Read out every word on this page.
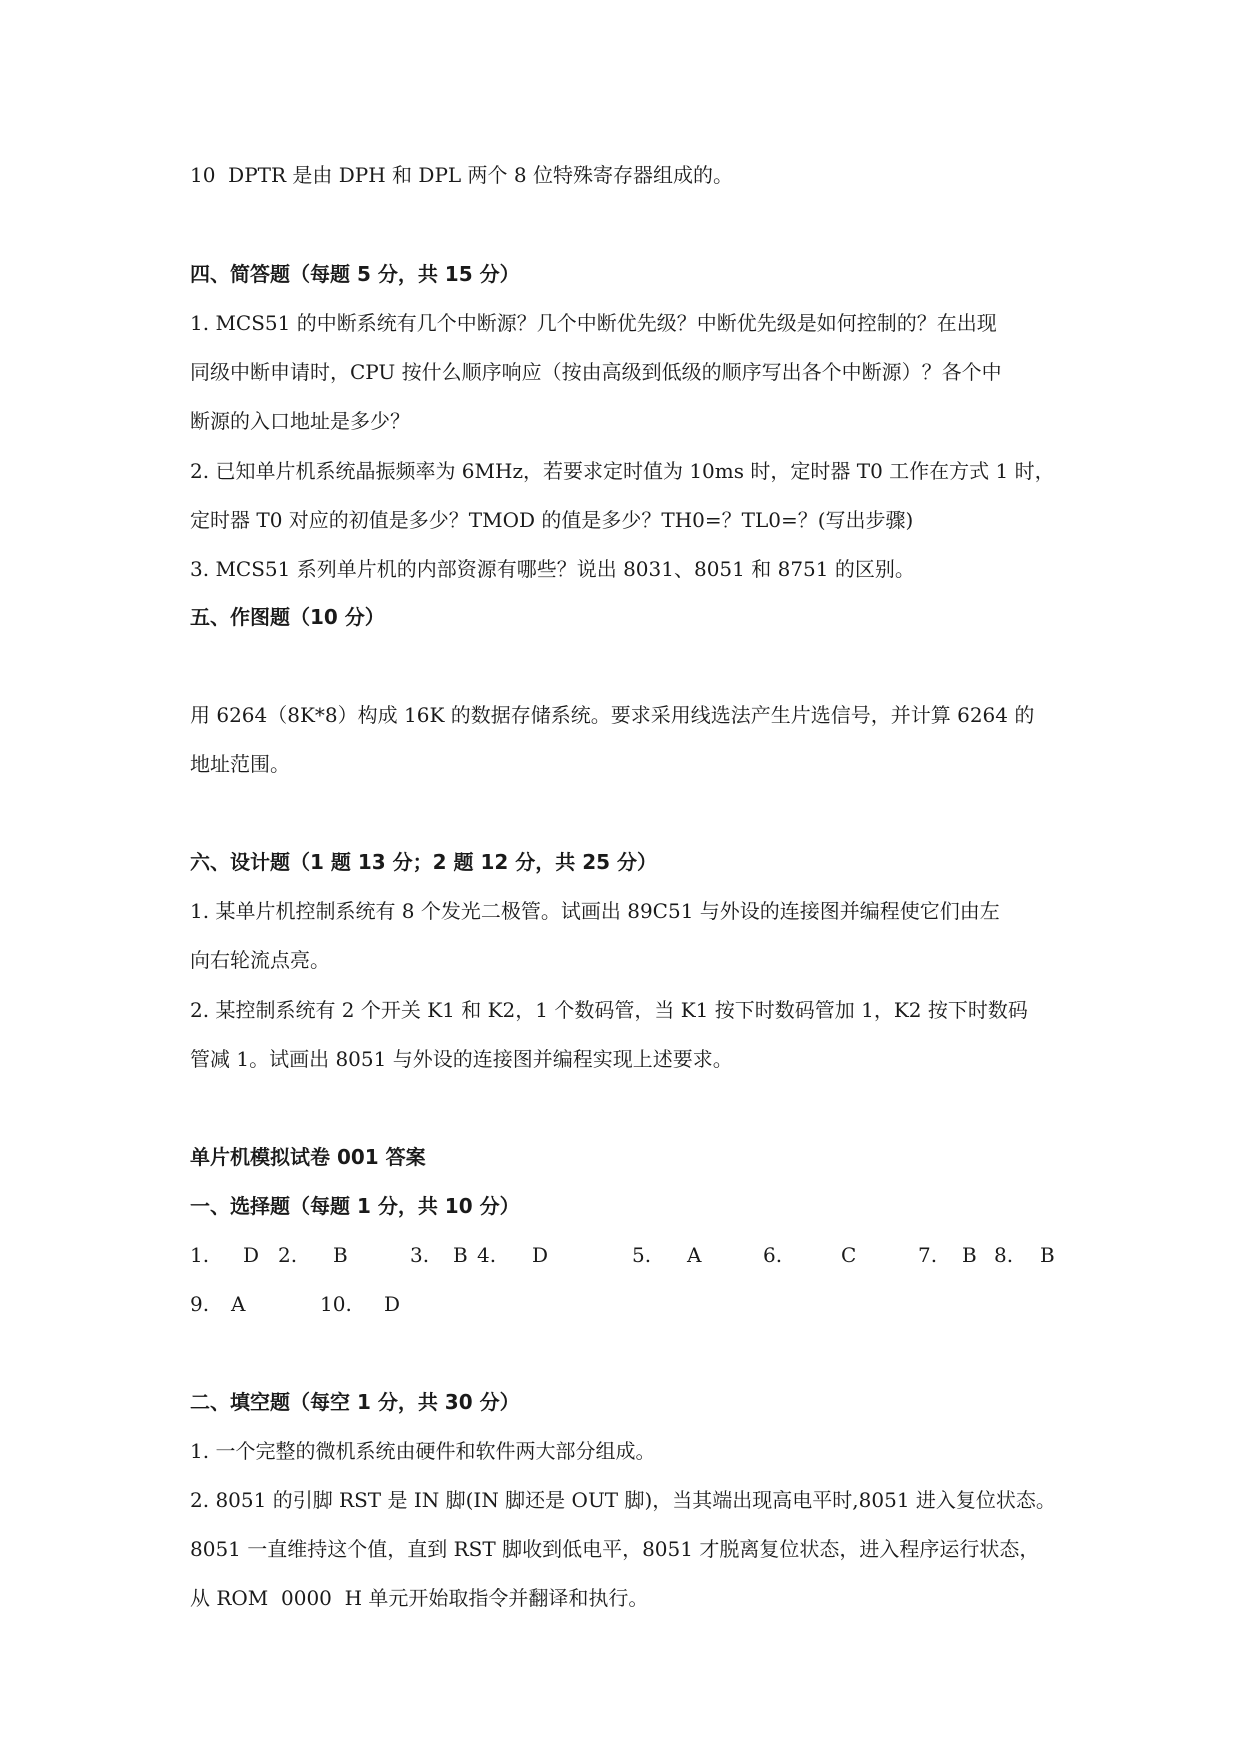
10  DPTR 是由 DPH 和 DPL 两个 8 位特殊寄存器组成的。
四、简答题（每题 5 分，共 15 分）
1. MCS51 的中断系统有几个中断源？几个中断优先级？中断优先级是如何控制的？在出现
同级中断申请时，CPU 按什么顺序响应（按由高级到低级的顺序写出各个中断源）？各个中
断源的入口地址是多少？
2. 已知单片机系统晶振频率为 6MHz，若要求定时值为 10ms 时，定时器 T0 工作在方式 1 时，
定时器 T0 对应的初值是多少？TMOD 的值是多少？TH0=？TL0=？(写出步骤)
3. MCS51 系列单片机的内部资源有哪些？说出 8031、8051 和 8751 的区别。
五、作图题（10 分）
用 6264（8K*8）构成 16K 的数据存储系统。要求采用线选法产生片选信号，并计算 6264 的
地址范围。
六、设计题（1 题 13 分；2 题 12 分，共 25 分）
1. 某单片机控制系统有 8 个发光二极管。试画出 89C51 与外设的连接图并编程使它们由左
向右轮流点亮。
2. 某控制系统有 2 个开关 K1 和 K2，1 个数码管，当 K1 按下时数码管加 1，K2 按下时数码
管减 1。试画出 8051 与外设的连接图并编程实现上述要求。
单片机模拟试卷 001 答案
一、选择题（每题 1 分，共 10 分）
1. D 2. B	3. B 4. D	5. A	6.	C	7. B 8. B
9. A	10. D
二、填空题（每空 1 分，共 30 分）
1. 一个完整的微机系统由硬件和软件两大部分组成。
2. 8051 的引脚 RST 是 IN 脚(IN 脚还是 OUT 脚)，当其端出现高电平时,8051 进入复位状态。
8051 一直维持这个值，直到 RST 脚收到低电平，8051 才脱离复位状态，进入程序运行状态，
从 ROM  0000  H 单元开始取指令并翻译和执行。
